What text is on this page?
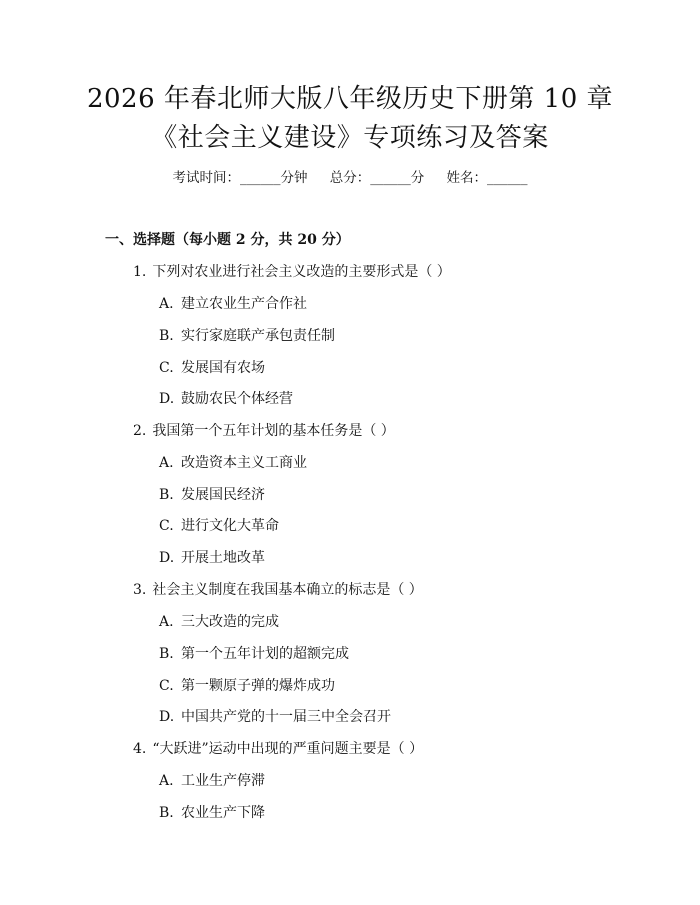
2026 年春北师大版八年级历史下册第 10 章
《社会主义建设》专项练习及答案
考试时间：______分钟 总分：______分 姓名：______
一、选择题（每小题 2 分，共 20 分）
1. 下列对农业进行社会主义改造的主要形式是（ ）
A. 建立农业生产合作社
B. 实行家庭联产承包责任制
C. 发展国有农场
D. 鼓励农民个体经营
2. 我国第一个五年计划的基本任务是（ ）
A. 改造资本主义工商业
B. 发展国民经济
C. 进行文化大革命
D. 开展土地改革
3. 社会主义制度在我国基本确立的标志是（ ）
A. 三大改造的完成
B. 第一个五年计划的超额完成
C. 第一颗原子弹的爆炸成功
D. 中国共产党的十一届三中全会召开
4. “大跃进”运动中出现的严重问题主要是（ ）
A. 工业生产停滞
B. 农业生产下降
